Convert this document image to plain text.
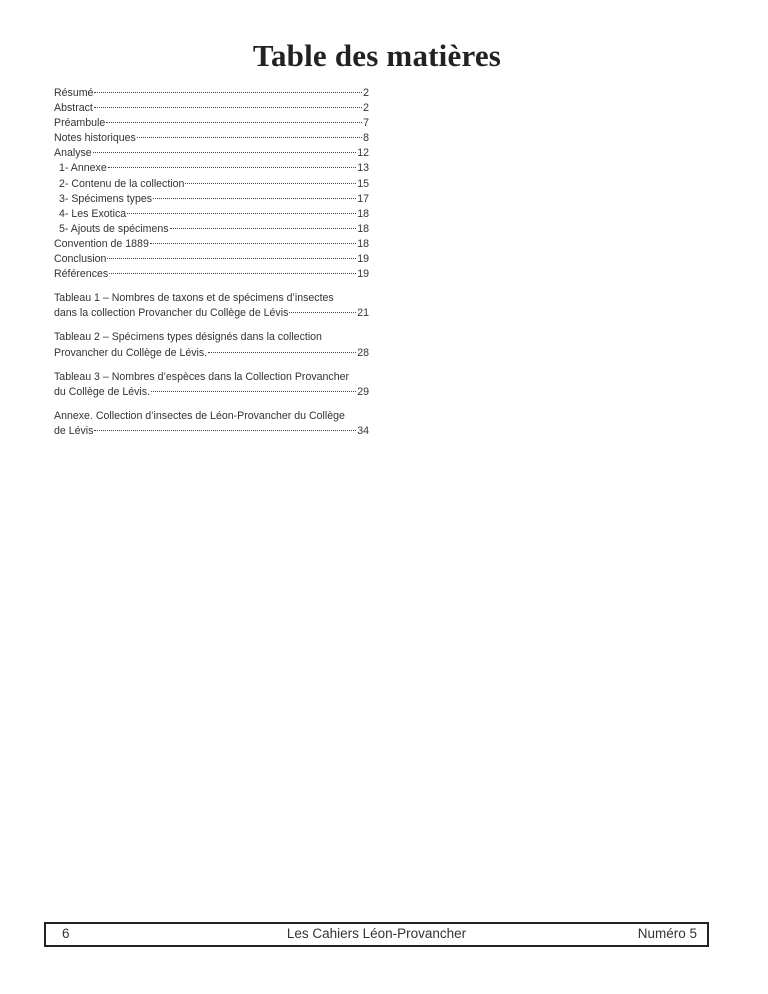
Table des matières
Résumé	2
Abstract	2
Préambule	7
Notes historiques	8
Analyse	12
1- Annexe	13
2- Contenu de la collection	15
3- Spécimens types	17
4- Les Exotica	18
5- Ajouts de spécimens	18
Convention de 1889	18
Conclusion	19
Références	19
Tableau 1 – Nombres de taxons et de spécimens d’insectes
dans la collection Provancher du Collège de Lévis	21
Tableau 2 – Spécimens types désignés dans la collection
Provancher du Collège de Lévis.	28
Tableau 3 – Nombres d’espèces dans la Collection Provancher
du Collège de Lévis.	29
Annexe. Collection d’insectes de Léon-Provancher du Collège
de Lévis	34
6	Les Cahiers Léon-Provancher	Numéro 5
